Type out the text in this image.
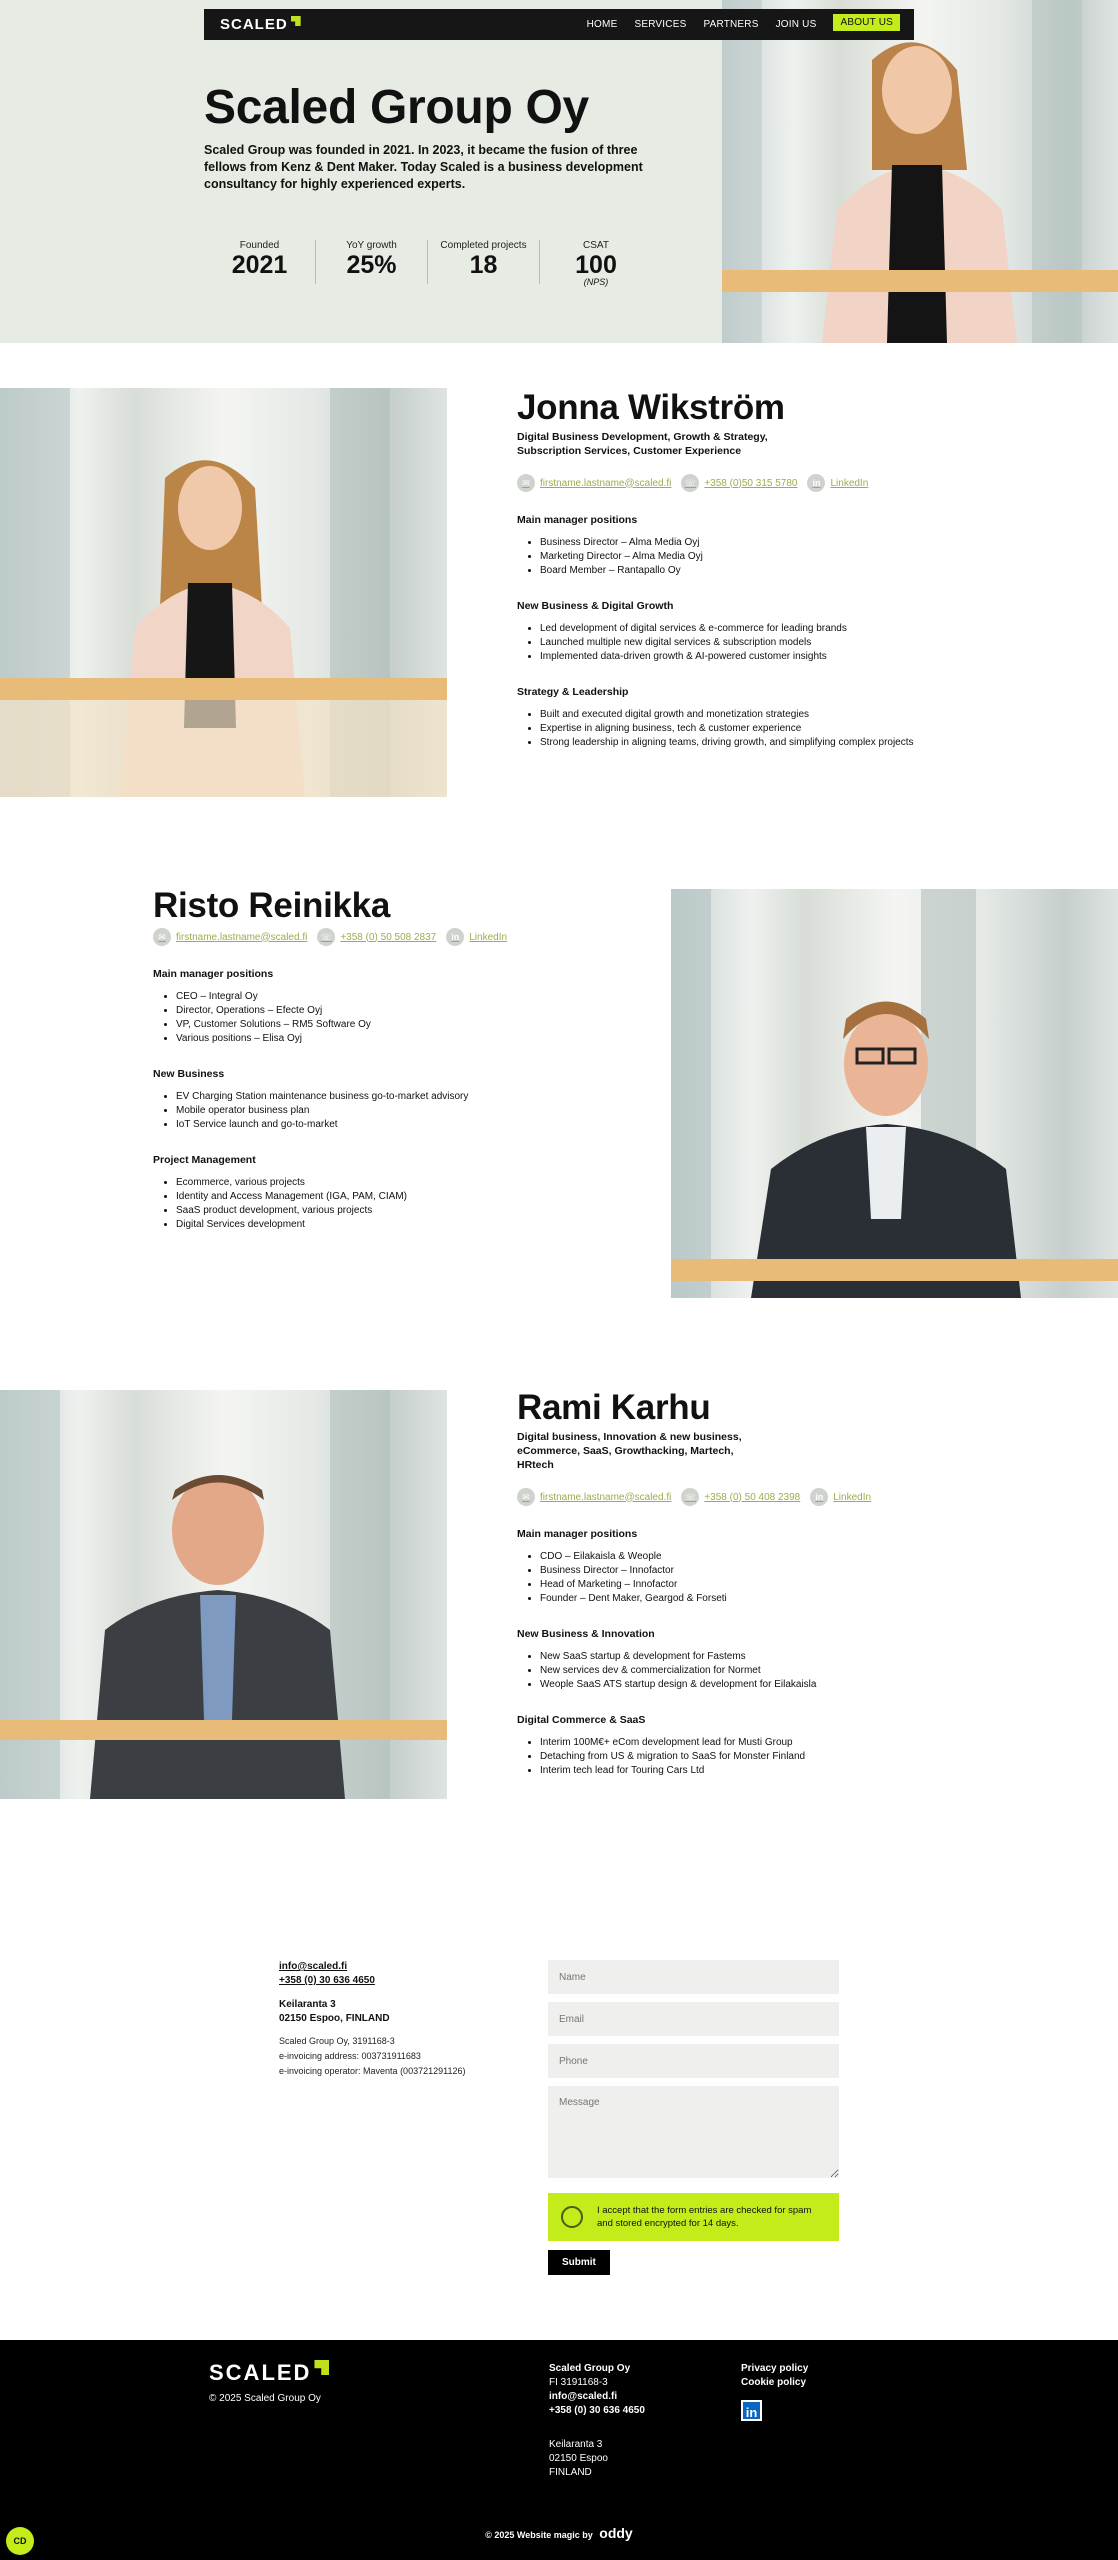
SCALED	HOME SERVICES PARTNERS JOIN US	ABOUT US
Scaled Group Oy

Scaled Group was founded in 2021. In 2023, it became the fusion of three fellows from Kenz & Dent Maker. Today Scaled is a business development consultancy for highly experienced experts.

Founded
2021
YoY growth
25%
Completed projects
18
CSAT
100
(NPS)
Jonna Wikström

Digital Business Development, Growth & Strategy, Subscription Services, Customer Experience

✉	firstname.lastname@scaled.fi	☏ +358 (0)50 315 5780	in	LinkedIn
Main manager positions
• Business Director – Alma Media Oyj
• Marketing Director – Alma Media Oyj
• Board Member – Rantapallo Oy
New Business & Digital Growth
• Led development of digital services & e-commerce for leading brands
• Launched multiple new digital services & subscription models
• Implemented data-driven growth & AI-powered customer insights
Strategy & Leadership
• Built and executed digital growth and monetization strategies
• Expertise in aligning business, tech & customer experience
• Strong leadership in aligning teams, driving growth, and simplifying complex projects
Risto Reinikka
✉	firstname.lastname@scaled.fi	☏ +358 (0) 50 508 2837	in	LinkedIn
Main manager positions
• CEO – Integral Oy
• Director, Operations – Efecte Oyj
• VP, Customer Solutions – RM5 Software Oy
• Various positions – Elisa Oyj
New Business
• EV Charging Station maintenance business go-to-market advisory
• Mobile operator business plan
• IoT Service launch and go-to-market
Project Management
• Ecommerce, various projects
• Identity and Access Management (IGA, PAM, CIAM)
• SaaS product development, various projects
• Digital Services development
Rami Karhu

Digital business, Innovation & new business, eCommerce, SaaS, Growthacking, Martech, HRtech

✉	firstname.lastname@scaled.fi	☏ +358 (0) 50 408 2398	in	LinkedIn
Main manager positions
• CDO – Eilakaisla & Weople
• Business Director – Innofactor
• Head of Marketing – Innofactor
• Founder – Dent Maker, Geargod & Forseti
New Business & Innovation
• New SaaS startup & development for Fastems
• New services dev & commercialization for Normet
• Weople SaaS ATS startup design & development for Eilakaisla
Digital Commerce & SaaS
• Interim 100M€+ eCom development lead for Musti Group
• Detaching from US & migration to SaaS for Monster Finland
• Interim tech lead for Touring Cars Ltd
info@scaled.fi
+358 (0) 30 636 4650
Keilaranta 3
02150 Espoo, FINLAND
Scaled Group Oy, 3191168-3
e-invoicing address: 003731911683
e-invoicing operator: Maventa (003721291126)
Name Email Phone Message
I accept that the form entries are checked for spam and stored encrypted for 14 days.
Submit
SCALED
© 2025 Scaled Group Oy
Scaled Group Oy
FI 3191168-3
info@scaled.fi
+358 (0) 30 636 4650
Keilaranta 3
02150 Espoo
FINLAND
Privacy policy
Cookie policy
in
© 2025 Website magic by oddy
CD
